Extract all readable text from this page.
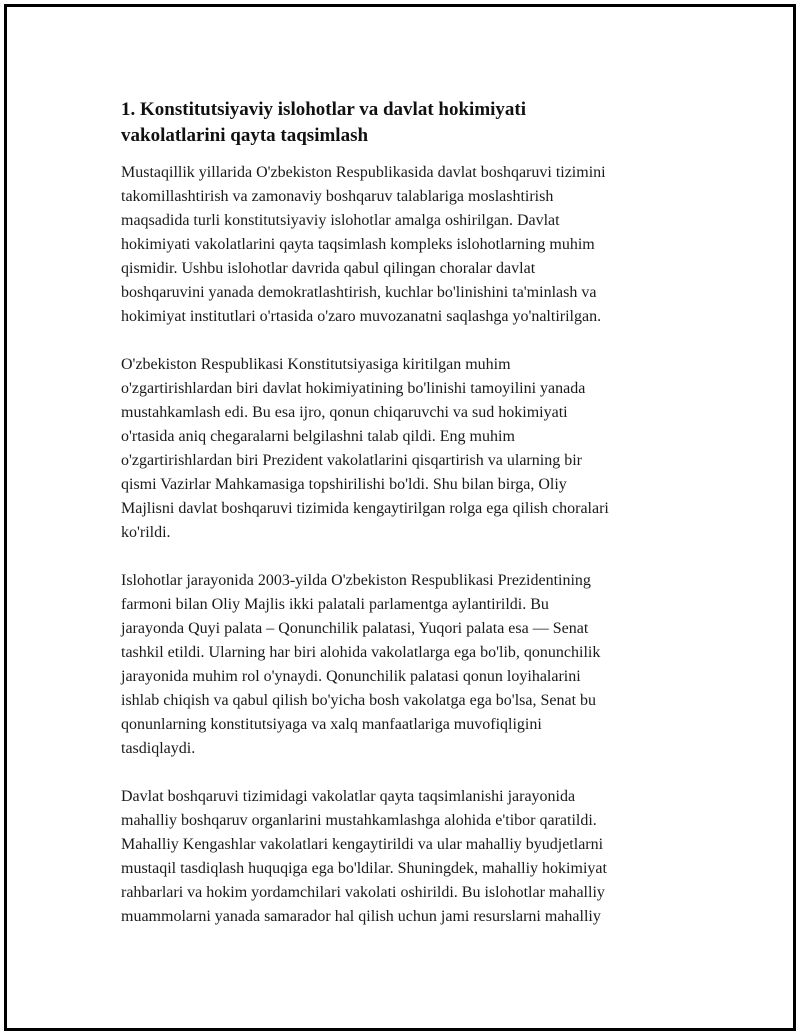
1. Konstitutsiyaviy islohotlar va davlat hokimiyati
vakolatlarini qayta taqsimlash

Mustaqillik yillarida O'zbekiston Respublikasida davlat boshqaruvi tizimini
takomillashtirish va zamonaviy boshqaruv talablariga moslashtirish
maqsadida turli konstitutsiyaviy islohotlar amalga oshirilgan. Davlat
hokimiyati vakolatlarini qayta taqsimlash kompleks islohotlarning muhim
qismidir. Ushbu islohotlar davrida qabul qilingan choralar davlat
boshqaruvini yanada demokratlashtirish, kuchlar bo'linishini ta'minlash va
hokimiyat institutlari o'rtasida o'zaro muvozanatni saqlashga yo'naltirilgan.

O'zbekiston Respublikasi Konstitutsiyasiga kiritilgan muhim
o'zgartirishlardan biri davlat hokimiyatining bo'linishi tamoyilini yanada
mustahkamlash edi. Bu esa ijro, qonun chiqaruvchi va sud hokimiyati
o'rtasida aniq chegaralarni belgilashni talab qildi. Eng muhim
o'zgartirishlardan biri Prezident vakolatlarini qisqartirish va ularning bir
qismi Vazirlar Mahkamasiga topshirilishi bo'ldi. Shu bilan birga, Oliy
Majlisni davlat boshqaruvi tizimida kengaytirilgan rolga ega qilish choralari
ko'rildi.

Islohotlar jarayonida 2003-yilda O'zbekiston Respublikasi Prezidentining
farmoni bilan Oliy Majlis ikki palatali parlamentga aylantirildi. Bu
jarayonda Quyi palata – Qonunchilik palatasi, Yuqori palata esa — Senat
tashkil etildi. Ularning har biri alohida vakolatlarga ega bo'lib, qonunchilik
jarayonida muhim rol o'ynaydi. Qonunchilik palatasi qonun loyihalarini
ishlab chiqish va qabul qilish bo'yicha bosh vakolatga ega bo'lsa, Senat bu
qonunlarning konstitutsiyaga va xalq manfaatlariga muvofiqligini
tasdiqlaydi.

Davlat boshqaruvi tizimidagi vakolatlar qayta taqsimlanishi jarayonida
mahalliy boshqaruv organlarini mustahkamlashga alohida e'tibor qaratildi.
Mahalliy Kengashlar vakolatlari kengaytirildi va ular mahalliy byudjetlarni
mustaqil tasdiqlash huquqiga ega bo'ldilar. Shuningdek, mahalliy hokimiyat
rahbarlari va hokim yordamchilari vakolati oshirildi. Bu islohotlar mahalliy
muammolarni yanada samarador hal qilish uchun jami resurslarni mahalliy
